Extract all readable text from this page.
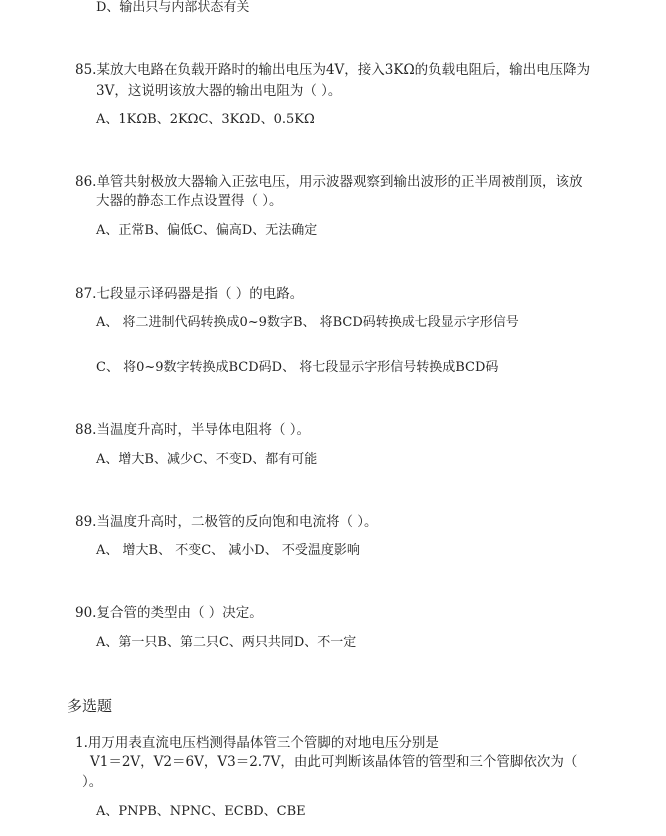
D、输出只与内部状态有关
85.某放大电路在负载开路时的输出电压为4V，接入3KΩ的负载电阻后，输出电压降为
3V，这说明该放大器的输出电阻为（ ）。
A、1KΩB、2KΩC、3KΩD、0.5KΩ
86.单管共射极放大器输入正弦电压，用示波器观察到输出波形的正半周被削顶，该放
大器的静态工作点设置得（ ）。
A、正常B、偏低C、偏高D、无法确定
87.七段显示译码器是指（ ）的电路。
A、 将二进制代码转换成0~9数字B、 将BCD码转换成七段显示字形信号
C、 将0~9数字转换成BCD码D、 将七段显示字形信号转换成BCD码
88.当温度升高时，半导体电阻将（ ）。
A、增大B、减少C、不变D、都有可能
89.当温度升高时，二极管的反向饱和电流将（ ）。
A、 增大B、 不变C、 减小D、 不受温度影响
90.复合管的类型由（ ）决定。
A、第一只B、第二只C、两只共同D、不一定
多选题
1.用万用表直流电压档测得晶体管三个管脚的对地电压分别是
V1＝2V，V2＝6V，V3＝2.7V，由此可判断该晶体管的管型和三个管脚依次为（
）。
A、PNPB、NPNC、ECBD、CBE
